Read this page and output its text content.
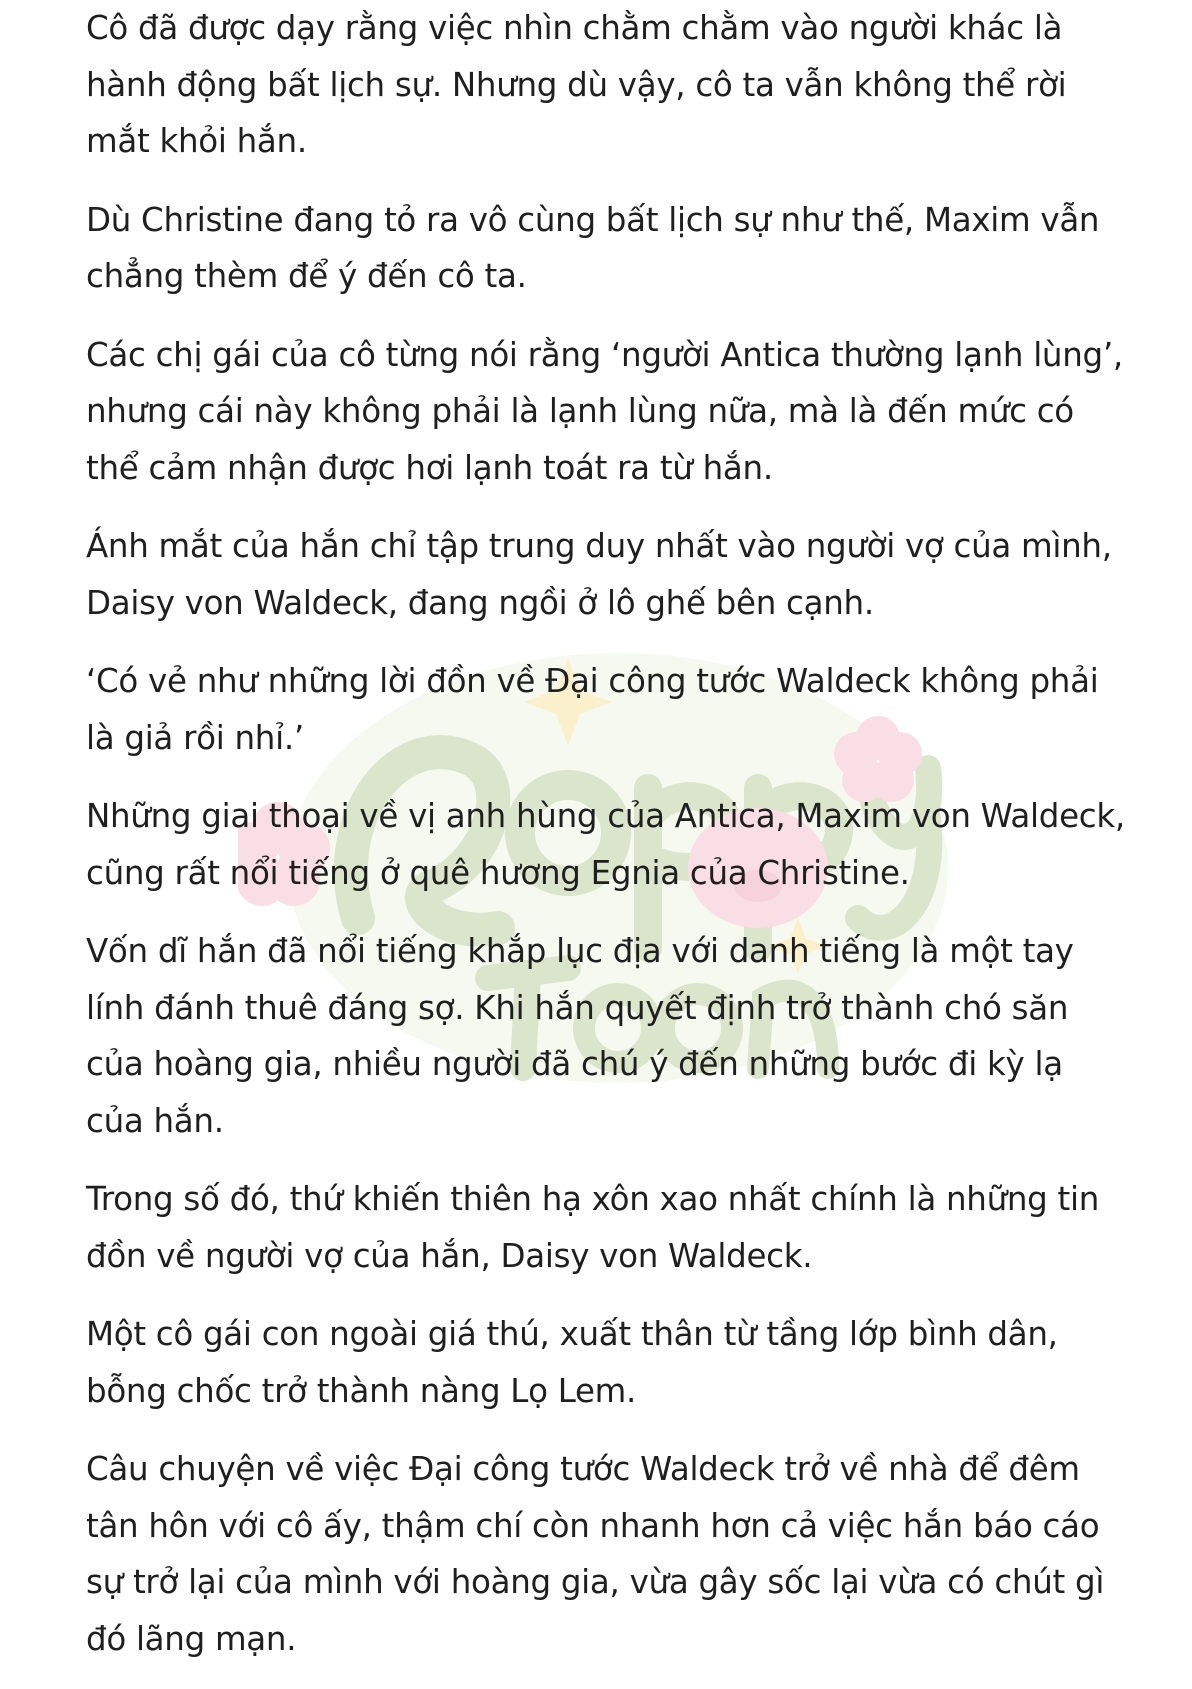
Cô đã được dạy rằng việc nhìn chằm chằm vào người khác là hành động bất lịch sự. Nhưng dù vậy, cô ta vẫn không thể rời mắt khỏi hắn.

Dù Christine đang tỏ ra vô cùng bất lịch sự như thế, Maxim vẫn chẳng thèm để ý đến cô ta.

Các chị gái của cô từng nói rằng ‘người Antica thường lạnh lùng’, nhưng cái này không phải là lạnh lùng nữa, mà là đến mức có thể cảm nhận được hơi lạnh toát ra từ hắn.

Ánh mắt của hắn chỉ tập trung duy nhất vào người vợ của mình, Daisy von Waldeck, đang ngồi ở lô ghế bên cạnh.

‘Có vẻ như những lời đồn về Đại công tước Waldeck không phải là giả rồi nhỉ.’

Những giai thoại về vị anh hùng của Antica, Maxim von Waldeck, cũng rất nổi tiếng ở quê hương Egnia của Christine.

Vốn dĩ hắn đã nổi tiếng khắp lục địa với danh tiếng là một tay lính đánh thuê đáng sợ. Khi hắn quyết định trở thành chó săn của hoàng gia, nhiều người đã chú ý đến những bước đi kỳ lạ của hắn.

Trong số đó, thứ khiến thiên hạ xôn xao nhất chính là những tin đồn về người vợ của hắn, Daisy von Waldeck.

Một cô gái con ngoài giá thú, xuất thân từ tầng lớp bình dân, bỗng chốc trở thành nàng Lọ Lem.

Câu chuyện về việc Đại công tước Waldeck trở về nhà để đêm tân hôn với cô ấy, thậm chí còn nhanh hơn cả việc hắn báo cáo sự trở lại của mình với hoàng gia, vừa gây sốc lại vừa có chút gì đó lãng mạn.
